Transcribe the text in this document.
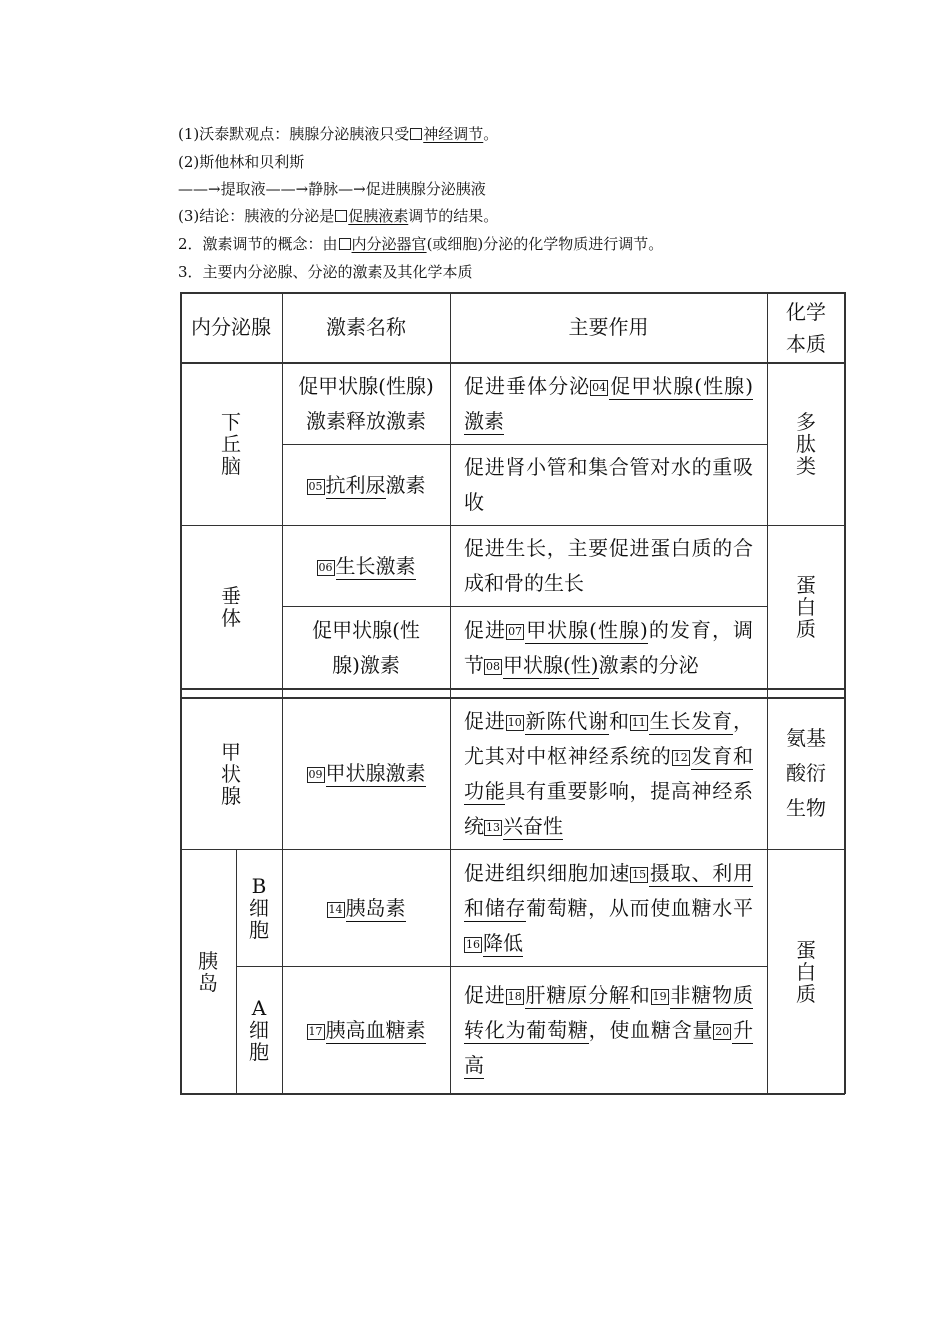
(1)沃泰默观点：胰腺分泌胰液只受 神经调节。
(2)斯他林和贝利斯
——→提取液——→静脉—→促进胰腺分泌胰液
(3)结论：胰液的分泌是 促胰液素调节的结果。
2．激素调节的概念：由 内分泌器官(或细胞)分泌的化学物质进行调节。
3．主要内分泌腺、分泌的激素及其化学本质
内分泌腺	激素名称	主要作用
化学本质
下丘脑
促甲状腺(性腺)激素释放激素
促进垂体分泌 04 促甲状腺(性腺)激素
05 抗利尿激素
促进肾小管和集合管对水的重吸收
多肽类
垂体
06 生长激素
促进生长，主要促进蛋白质的合成和骨的生长
促甲状腺(性腺)激素
促进 07 甲状腺(性腺)的发育，调节 08 甲状腺(性)激素的分泌
蛋白质
甲状腺
09 甲状腺激素
促进 10 新陈代谢和 11 生长发育，尤其对中枢神经系统的 12 发育和功能具有重要影响，提高神经系统 13 兴奋性
氨基酸衍生物
胰岛
B细胞
14 胰岛素
促进组织细胞加速 15 摄取、利用和储存葡萄糖，从而使血糖水平16 降低
A细胞
17 胰高血糖素
促进 18 肝糖原分解和 19 非糖物质转化为葡萄糖，使血糖含量 20 升高
蛋白质
